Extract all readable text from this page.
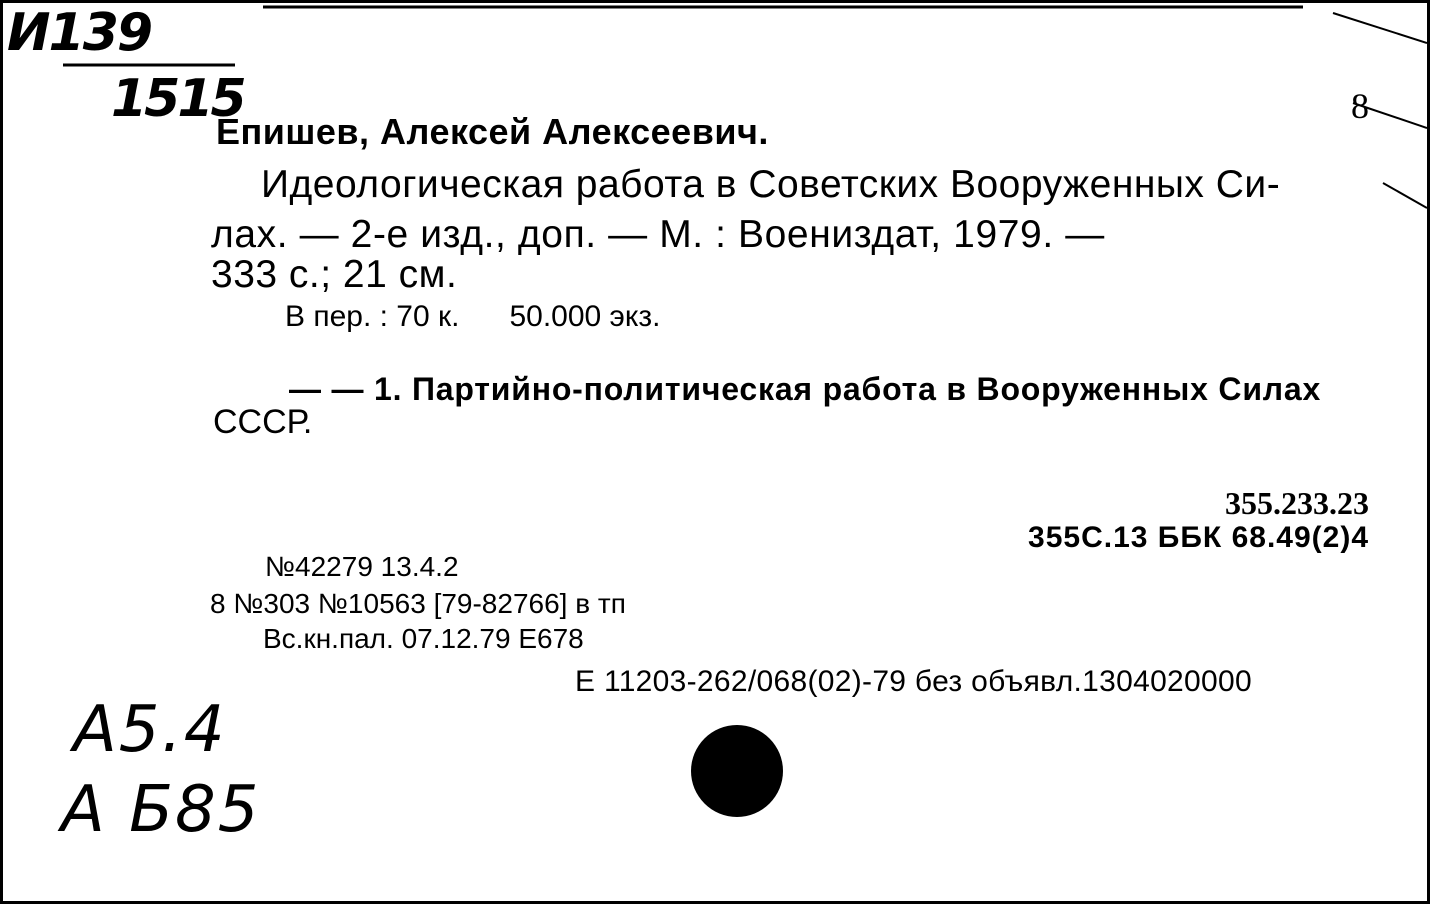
И139
1515	8
Епишев, Алексей Алексеевич.
Идеологическая работа в Советских Вооруженных Си-
лах. — 2-е изд., доп. — М. : Воениздат, 1979. —
333 с.; 21 см.
В пер. : 70 к. 50.000 экз.
— — 1. Партийно-политическая работа в Вооруженных Силах
СССР.
355.233.23
355С.13 ББК 68.49(2)4
№42279 13.4.2
8 №303 №10563 [79-82766] в тп
Вс.кн.пал. 07.12.79 Е678
Е 11203-262/068(02)-79 без объявл.1304020000
А5.4
А Б85
